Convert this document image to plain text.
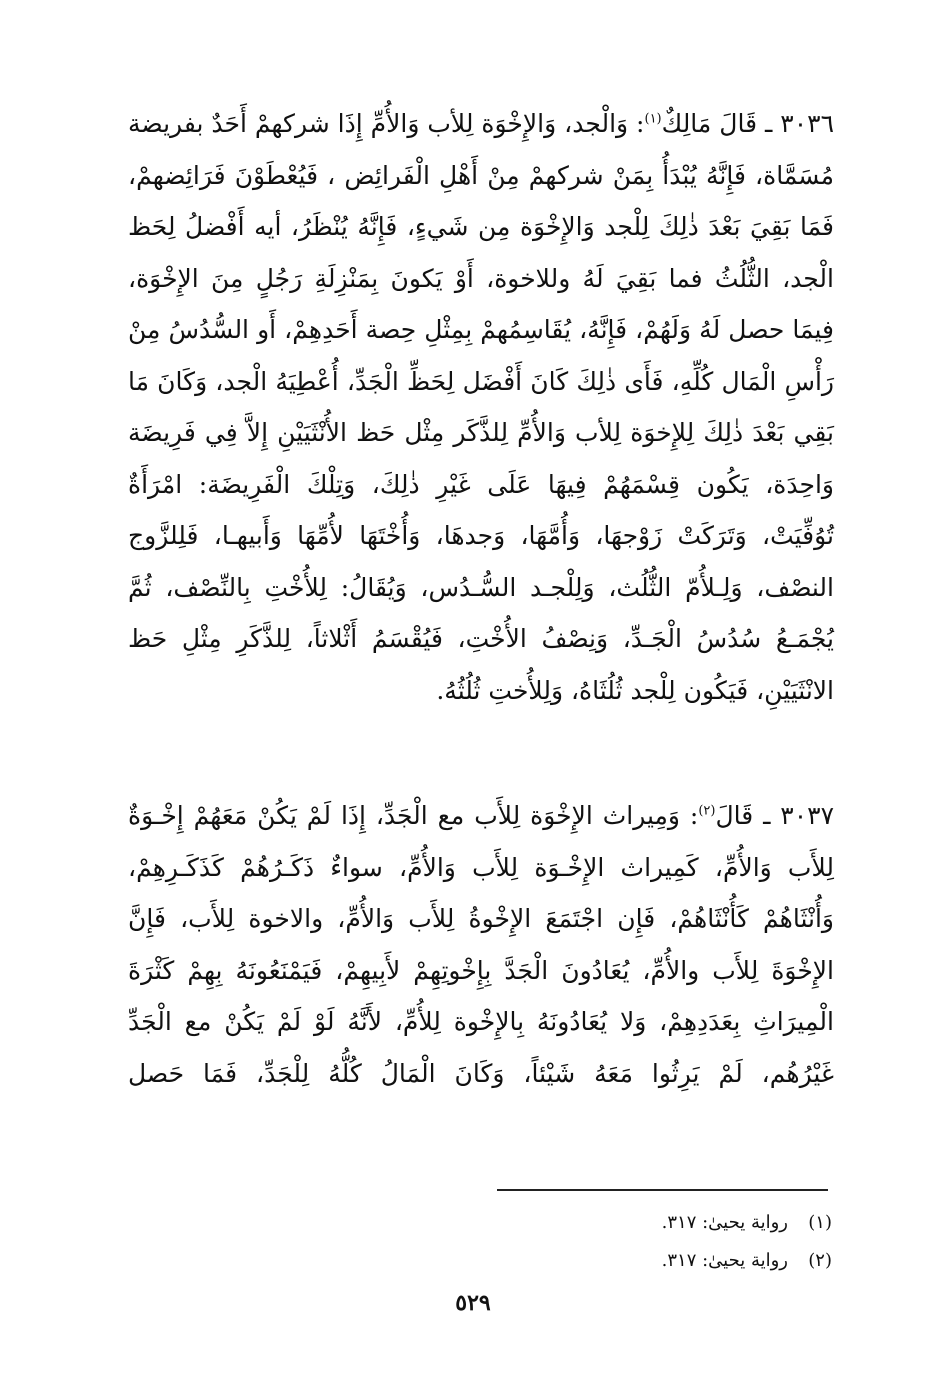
٣٠٣٦ ـ قَالَ مَالِكٌ$^{(١)}$: وَالْجد، وَالإِخْوَة لِلأب وَالأُمِّ إِذَا شركهمْ أَحَدٌ بفريضة مُسَمَّاة، فَإِنَّهُ يُبْدَأُ بِمَنْ شركهمْ مِنْ أَهْلِ الْفَرائِض ، فَيُعْطَوْنَ فَرَائِضهمْ، فَمَا بَقِيَ بَعْدَ ذٰلِكَ لِلْجد وَالإِخْوَة مِن شَيءٍ، فَإِنَّهُ يُنْظَرُ، أيه أَفْضلُ لِحَظ الْجد، الثُّلُثُ فما بَقِيَ لَهُ وللاخوة، أَوْ يَكونَ بِمَنْزِلَةِ رَجُلٍ مِنَ الإِخْوَة، فِيمَا حصل لَهُ وَلَهُمْ، فَإِنَّهُ، يُقَاسِمُهمْ بِمِثْلِ حِصة أَحَدِهِمْ، أَو السُّدُسُ مِنْ رَأْسِ الْمَال كُلِّهِ، فَأَى ذٰلِكَ كَانَ أَفْضَل لِحَظِّ الْجَدِّ، أُعْطِيَهُ الْجد، وَكَانَ مَا بَقِي بَعْدَ ذٰلِكَ لِلإِخوَة لِلأب وَالأُمِّ لِلذَّكَر مِثْل حَظ الأُنْثَيَيْنِ إِلاَّ فِي فَرِيضَة وَاحِدَة، يَكُون قِسْمَهُمْ فِيهَا عَلَى غَيْرِ ذٰلِكَ، وَتِلْكَ الْفَرِيضَة: امْرَأَةٌ تُوُفِّيَتْ، وَتَرَكَتْ زَوْجهَا، وَأُمَّهَا، وَجدهَا، وَأُخْتَهَا لأُمِّهَا وَأَبيهـا، فَلِلزَّوج النصْف، وَلِـلأُمّ الثُّلُث، وَلِلْجـد السُّـدُس، وَيُقَالُ: لِلأُخْتِ بِالنِّصْف، ثُمَّ يُجْمَـعُ سُدُسُ الْجَـدِّ، وَنِصْفُ الأُخْتِ، فَيُقْسَمُ أَثْلاثاً، لِلذَّكَرِ مِثْلِ حَظ الانْثَيَيْنِ، فَيَكُون لِلْجد ثُلُثَاهُ، وَلِلأُختِ ثُلُثُهُ.

٣٠٣٧ ـ قَالَ$^{(٢)}$: وَمِيراث الإِخْوَة لِلأَب مع الْجَدِّ، إِذَا لَمْ يَكُنْ مَعَهُمْ إِخْـوَةٌ لِلأَب وَالأُمِّ، كَمِيراث الإِخْـوَة لِلأَب وَالأُمِّ، سواءٌ ذَكَـرُهُمْ كَذَكَـرِهِمْ، وَأُنْثَاهُمْ كَأُنْثَاهُمْ، فَإِن اجْتَمَعَ الإِخْوةُ لِلأَب وَالأُمِّ، والاخوة لِلأَب، فَإِنَّ الإِخْوَةَ لِلأَب والأُمِّ، يُعَادُونَ الْجَدَّ بِإِخْوتِهِمْ لأَبِيهِمْ، فَيَمْنَعُونَهُ بِهِمْ كَثْرَةَ الْمِيرَاثِ بِعَدَدِهِمْ، وَلا يُعَادُونَهُ بِالإِخْوة لِلأُمِّ، لأَنَّهُ لَوْ لَمْ يَكُنْ مع الْجَدِّ غَيْرُهُم، لَمْ يَرِثُوا مَعَهُ شَيْئاً، وَكَانَ الْمَالُ كُلُّهُ لِلْجَدِّ، فَمَا حَصل

(١)رواية يحيىٰ: ٣١٧.
(٢)رواية يحيىٰ: ٣١٧.
٥٢٩
